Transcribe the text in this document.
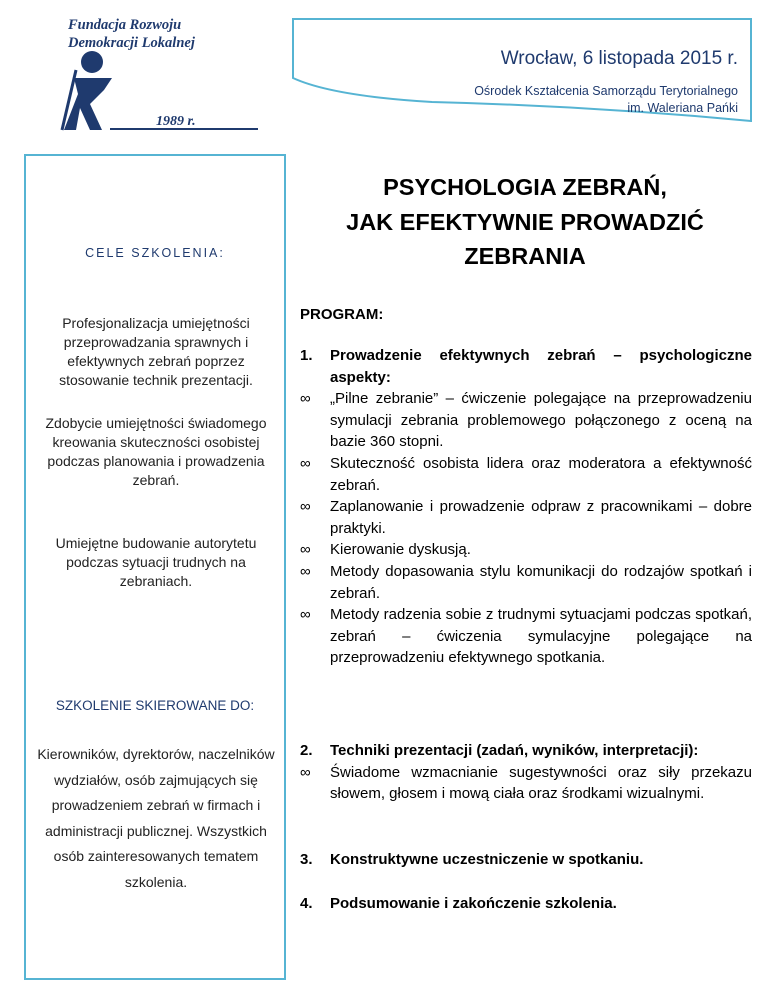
Fundacja Rozwoju
Demokracji Lokalnej
1989 r.
Wrocław, 6 listopada 2015 r.
Ośrodek Kształcenia Samorządu Terytorialnego
im. Waleriana Pańki
CELE SZKOLENIA:
Profesjonalizacja umiejętności przeprowadzania sprawnych i efektywnych zebrań poprzez stosowanie technik prezentacji.
Zdobycie umiejętności świadomego kreowania skuteczności osobistej podczas planowania i prowadzenia zebrań.
Umiejętne budowanie autorytetu podczas sytuacji trudnych na zebraniach.
SZKOLENIE SKIEROWANE DO:
Kierowników, dyrektorów, naczelników wydziałów, osób zajmujących się prowadzeniem zebrań w firmach i administracji publicznej. Wszystkich osób zainteresowanych tematem szkolenia.
PSYCHOLOGIA ZEBRAŃ,
JAK EFEKTYWNIE PROWADZIĆ
ZEBRANIA
PROGRAM:
1. Prowadzenie efektywnych zebrań – psychologiczne aspekty:
∞ „Pilne zebranie” – ćwiczenie polegające na przeprowadzeniu symulacji zebrania problemowego połączonego z oceną na bazie 360 stopni.
∞ Skuteczność osobista lidera oraz moderatora a efektywność zebrań.
∞ Zaplanowanie i prowadzenie odpraw z pracownikami – dobre praktyki.
∞ Kierowanie dyskusją.
∞ Metody dopasowania stylu komunikacji do rodzajów spotkań i zebrań.
∞ Metody radzenia sobie z trudnymi sytuacjami podczas spotkań, zebrań – ćwiczenia symulacyjne polegające na przeprowadzeniu efektywnego spotkania.
2. Techniki prezentacji (zadań, wyników, interpretacji):
∞ Świadome wzmacnianie sugestywności oraz siły przekazu słowem, głosem i mową ciała oraz środkami wizualnymi.
3. Konstruktywne uczestniczenie w spotkaniu.
4. Podsumowanie i zakończenie szkolenia.
